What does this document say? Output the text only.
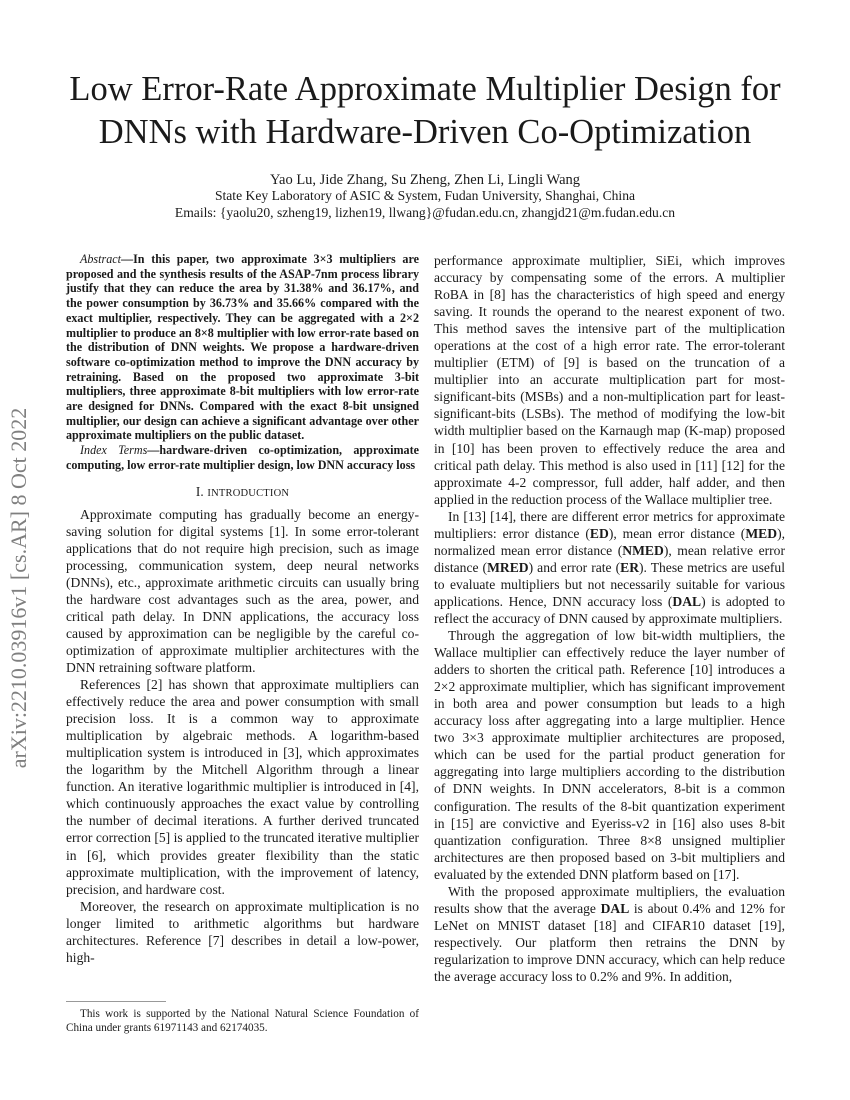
arXiv:2210.03916v1 [cs.AR] 8 Oct 2022
Low Error-Rate Approximate Multiplier Design for
DNNs with Hardware-Driven Co-Optimization
Yao Lu, Jide Zhang, Su Zheng, Zhen Li, Lingli Wang
State Key Laboratory of ASIC & System, Fudan University, Shanghai, China
Emails: {yaolu20, szheng19, lizhen19, llwang}@fudan.edu.cn, zhangjd21@m.fudan.edu.cn

Abstract—In this paper, two approximate 3×3 multipliers are proposed and the synthesis results of the ASAP-7nm process library justify that they can reduce the area by 31.38% and 36.17%, and the power consumption by 36.73% and 35.66% compared with the exact multiplier, respectively. They can be aggregated with a 2×2 multiplier to produce an 8×8 multiplier with low error-rate based on the distribution of DNN weights. We propose a hardware-driven software co-optimization method to improve the DNN accuracy by retraining. Based on the proposed two approximate 3-bit multipliers, three approximate 8-bit multipliers with low error-rate are designed for DNNs. Compared with the exact 8-bit unsigned multiplier, our design can achieve a significant advantage over other approximate multipliers on the public dataset.

Index Terms—hardware-driven co-optimization, approximate computing, low error-rate multiplier design, low DNN accuracy loss

I. INTRODUCTION

Approximate computing has gradually become an energy-saving solution for digital systems [1]. In some error-tolerant applications that do not require high precision, such as image processing, communication system, deep neural networks (DNNs), etc., approximate arithmetic circuits can usually bring the hardware cost advantages such as the area, power, and critical path delay. In DNN applications, the accuracy loss caused by approximation can be negligible by the careful co-optimization of approximate multiplier architectures with the DNN retraining software platform.

References [2] has shown that approximate multipliers can effectively reduce the area and power consumption with small precision loss. It is a common way to approximate multiplication by algebraic methods. A logarithm-based multiplication system is introduced in [3], which approximates the logarithm by the Mitchell Algorithm through a linear function. An iterative logarithmic multiplier is introduced in [4], which continuously approaches the exact value by controlling the number of decimal iterations. A further derived truncated error correction [5] is applied to the truncated iterative multiplier in [6], which provides greater flexibility than the static approximate multiplication, with the improvement of latency, precision, and hardware cost.

Moreover, the research on approximate multiplication is no longer limited to arithmetic algorithms but hardware architectures. Reference [7] describes in detail a low-power, high-

This work is supported by the National Natural Science Foundation of China under grants 61971143 and 62174035.

performance approximate multiplier, SiEi, which improves accuracy by compensating some of the errors. A multiplier RoBA in [8] has the characteristics of high speed and energy saving. It rounds the operand to the nearest exponent of two. This method saves the intensive part of the multiplication operations at the cost of a high error rate. The error-tolerant multiplier (ETM) of [9] is based on the truncation of a multiplier into an accurate multiplication part for most-significant-bits (MSBs) and a non-multiplication part for least-significant-bits (LSBs). The method of modifying the low-bit width multiplier based on the Karnaugh map (K-map) proposed in [10] has been proven to effectively reduce the area and critical path delay. This method is also used in [11] [12] for the approximate 4-2 compressor, full adder, half adder, and then applied in the reduction process of the Wallace multiplier tree.

In [13] [14], there are different error metrics for approximate multipliers: error distance (ED), mean error distance (MED), normalized mean error distance (NMED), mean relative error distance (MRED) and error rate (ER). These metrics are useful to evaluate multipliers but not necessarily suitable for various applications. Hence, DNN accuracy loss (DAL) is adopted to reflect the accuracy of DNN caused by approximate multipliers.

Through the aggregation of low bit-width multipliers, the Wallace multiplier can effectively reduce the layer number of adders to shorten the critical path. Reference [10] introduces a 2×2 approximate multiplier, which has significant improvement in both area and power consumption but leads to a high accuracy loss after aggregating into a large multiplier. Hence two 3×3 approximate multiplier architectures are proposed, which can be used for the partial product generation for aggregating into large multipliers according to the distribution of DNN weights. In DNN accelerators, 8-bit is a common configuration. The results of the 8-bit quantization experiment in [15] are convictive and Eyeriss-v2 in [16] also uses 8-bit quantization configuration. Three 8×8 unsigned multiplier architectures are then proposed based on 3-bit multipliers and evaluated by the extended DNN platform based on [17].

With the proposed approximate multipliers, the evaluation results show that the average DAL is about 0.4% and 12% for LeNet on MNIST dataset [18] and CIFAR10 dataset [19], respectively. Our platform then retrains the DNN by regularization to improve DNN accuracy, which can help reduce the average accuracy loss to 0.2% and 9%. In addition,
